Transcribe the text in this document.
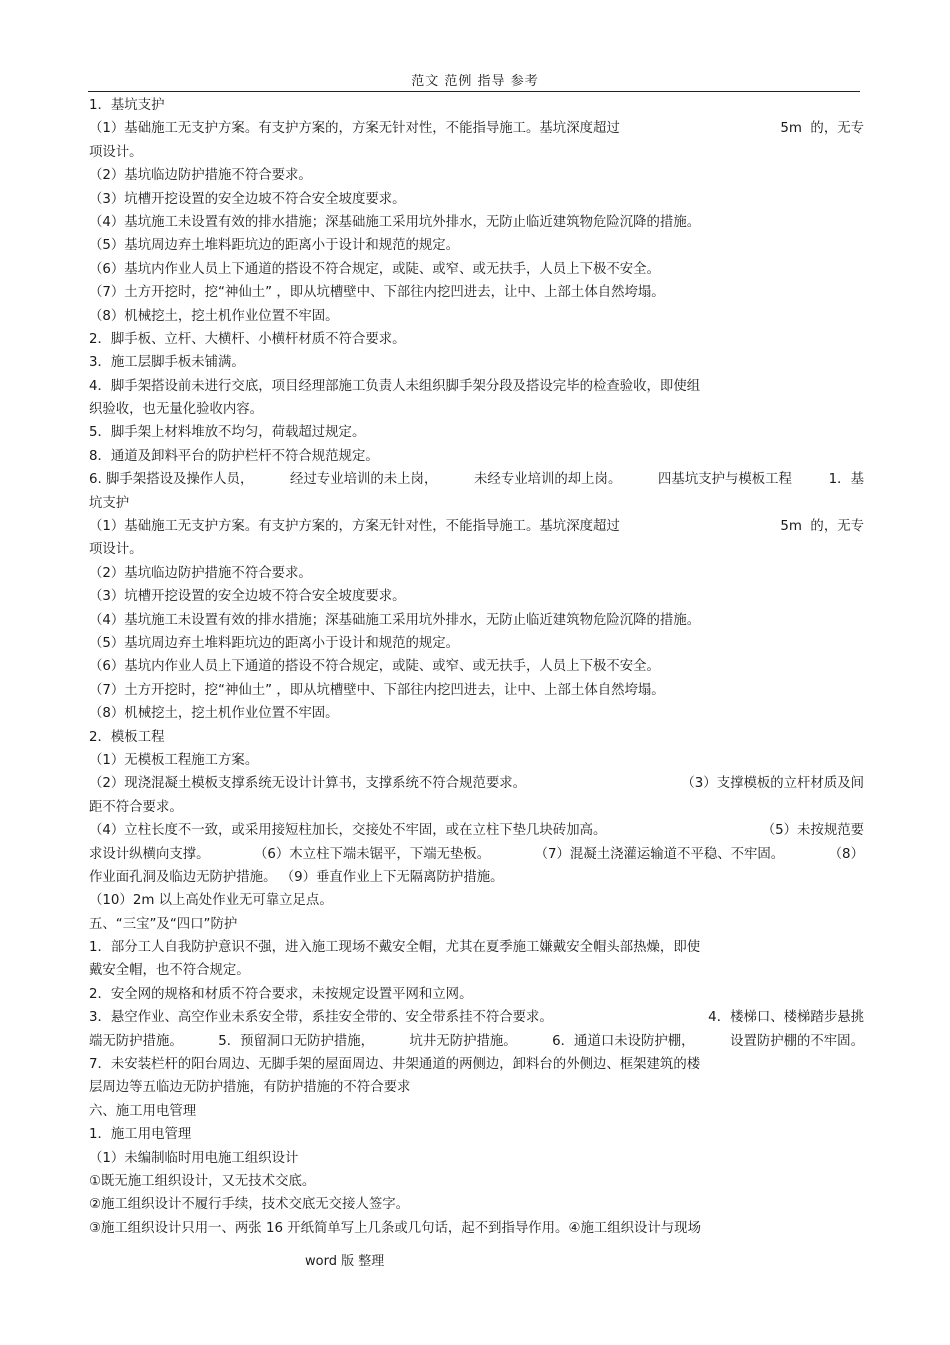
范文 范例 指导 参考
1．基坑支护
（1）基础施工无支护方案。有支护方案的，方案无针对性，不能指导施工。基坑深度超过	5m  的，无专
项设计。
（2）基坑临边防护措施不符合要求。
（3）坑槽开挖设置的安全边坡不符合安全坡度要求。
（4）基坑施工未设置有效的排水措施；深基础施工采用坑外排水，无防止临近建筑物危险沉降的措施。
（5）基坑周边弃土堆料距坑边的距离小于设计和规范的规定。
（6）基坑内作业人员上下通道的搭设不符合规定，或陡、或窄、或无扶手，人员上下极不安全。
（7）土方开挖时，挖“神仙土” ，即从坑槽壁中、下部往内挖凹进去，让中、上部土体自然垮塌。
（8）机械挖土，挖土机作业位置不牢固。
2．脚手板、立杆、大横杆、小横杆材质不符合要求。
3．施工层脚手板未铺满。
4．脚手架搭设前未进行交底，项目经理部施工负责人未组织脚手架分段及搭设完毕的检查验收，即使组
织验收，也无量化验收内容。
5．脚手架上材料堆放不均匀，荷载超过规定。
8．通道及卸料平台的防护栏杆不符合规范规定。
6. 脚手架搭设及操作人员，	经过专业培训的未上岗，	未经专业培训的却上岗。	四基坑支护与模板工程	1．基
坑支护
（1）基础施工无支护方案。有支护方案的，方案无针对性，不能指导施工。基坑深度超过	5m  的，无专
项设计。
（2）基坑临边防护措施不符合要求。
（3）坑槽开挖设置的安全边坡不符合安全坡度要求。
（4）基坑施工未设置有效的排水措施；深基础施工采用坑外排水，无防止临近建筑物危险沉降的措施。
（5）基坑周边弃土堆料距坑边的距离小于设计和规范的规定。
（6）基坑内作业人员上下通道的搭设不符合规定，或陡、或窄、或无扶手，人员上下极不安全。
（7）土方开挖时，挖“神仙土” ，即从坑槽壁中、下部往内挖凹进去，让中、上部土体自然垮塌。
（8）机械挖土，挖土机作业位置不牢固。
2．模板工程
（1）无模板工程施工方案。
（2）现浇混凝土模板支撑系统无设计计算书，支撑系统不符合规范要求。	（3）支撑模板的立杆材质及间
距不符合要求。
（4）立柱长度不一致，或采用接短柱加长，交接处不牢固，或在立柱下垫几块砖加高。	（5）未按规范要
求设计纵横向支撑。	（6）木立柱下端未锯平，下端无垫板。	（7）混凝土浇灌运输道不平稳、不牢固。	（8）
作业面孔洞及临边无防护措施。 （9）垂直作业上下无隔离防护措施。
（10）2m 以上高处作业无可靠立足点。
五、“三宝”及“四口”防护
1．部分工人自我防护意识不强，进入施工现场不戴安全帽，尤其在夏季施工嫌戴安全帽头部热燥，即使
戴安全帽，也不符合规定。
2．安全网的规格和材质不符合要求，未按规定设置平网和立网。
3．悬空作业、高空作业未系安全带，系挂安全带的、安全带系挂不符合要求。	4．楼梯口、楼梯踏步悬挑
端无防护措施。	5．预留洞口无防护措施，	坑井无防护措施。	6．通道口未设防护棚，	设置防护棚的不牢固。
7．未安装栏杆的阳台周边、无脚手架的屋面周边、井架通道的两侧边，卸料台的外侧边、框架建筑的楼
层周边等五临边无防护措施，有防护措施的不符合要求
六、施工用电管理
1．施工用电管理
（1）未编制临时用电施工组织设计
①既无施工组织设计，又无技术交底。
②施工组织设计不履行手续，技术交底无交接人签字。
③施工组织设计只用一、两张 16 开纸简单写上几条或几句话，起不到指导作用。④施工组织设计与现场
word 版 整理
